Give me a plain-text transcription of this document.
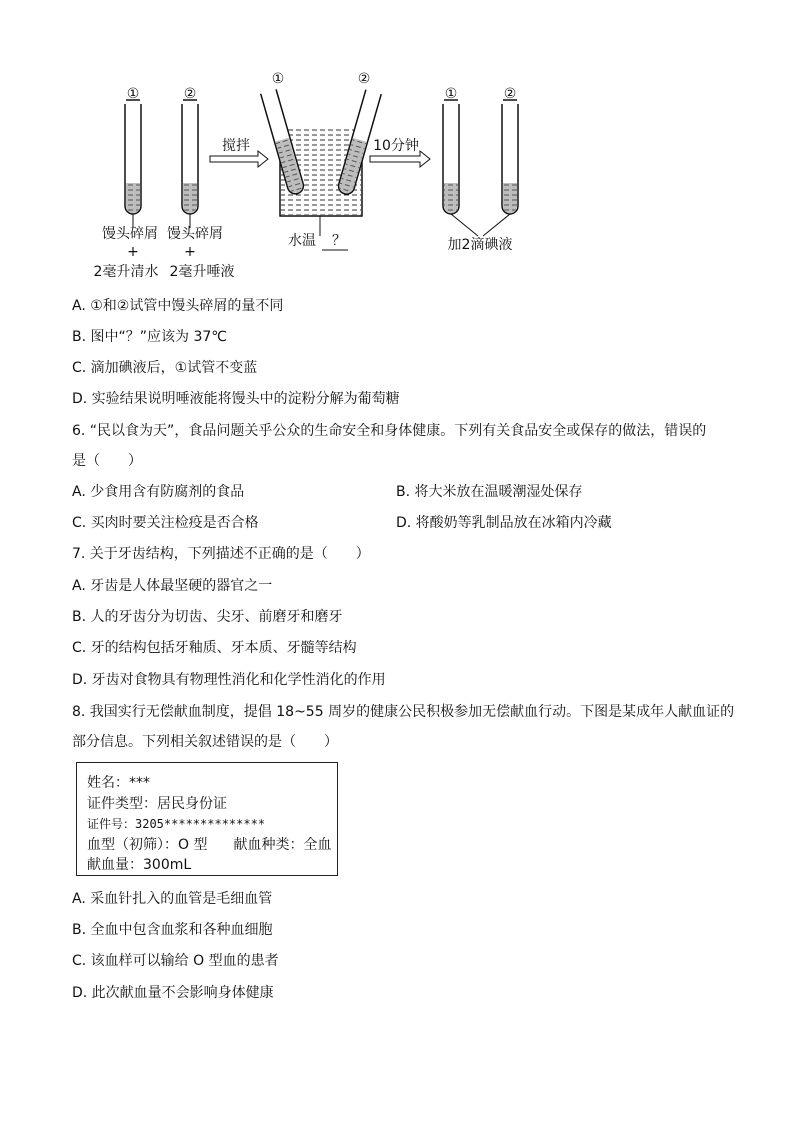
①	②
搅拌
①	②
水温 ？
10分钟
①	②
加2滴碘液
馒头碎屑 馒头碎屑
+	+
2毫升清水 2毫升唾液
A. ①和②试管中馒头碎屑的量不同
B. 图中“？”应该为 37℃
C. 滴加碘液后，①试管不变蓝
D. 实验结果说明唾液能将馒头中的淀粉分解为葡萄糖
6. “民以食为天”，食品问题关乎公众的生命安全和身体健康。下列有关食品安全或保存的做法，错误的
是（　　）
A. 少食用含有防腐剂的食品	B. 将大米放在温暖潮湿处保存
C. 买肉时要关注检疫是否合格	D. 将酸奶等乳制品放在冰箱内冷藏
7. 关于牙齿结构，下列描述不正确的是（　　）
A. 牙齿是人体最坚硬的器官之一
B. 人的牙齿分为切齿、尖牙、前磨牙和磨牙
C. 牙的结构包括牙釉质、牙本质、牙髓等结构
D. 牙齿对食物具有物理性消化和化学性消化的作用
8. 我国实行无偿献血制度，提倡 18~55 周岁的健康公民积极参加无偿献血行动。下图是某成年人献血证的
部分信息。下列相关叙述错误的是（　　）
姓名：***
证件类型：居民身份证
证件号：3205**************
血型（初筛）：O 型 献血种类：全血
献血量：300mL
A. 采血针扎入的血管是毛细血管
B. 全血中包含血浆和各种血细胞
C. 该血样可以输给 O 型血的患者
D. 此次献血量不会影响身体健康
